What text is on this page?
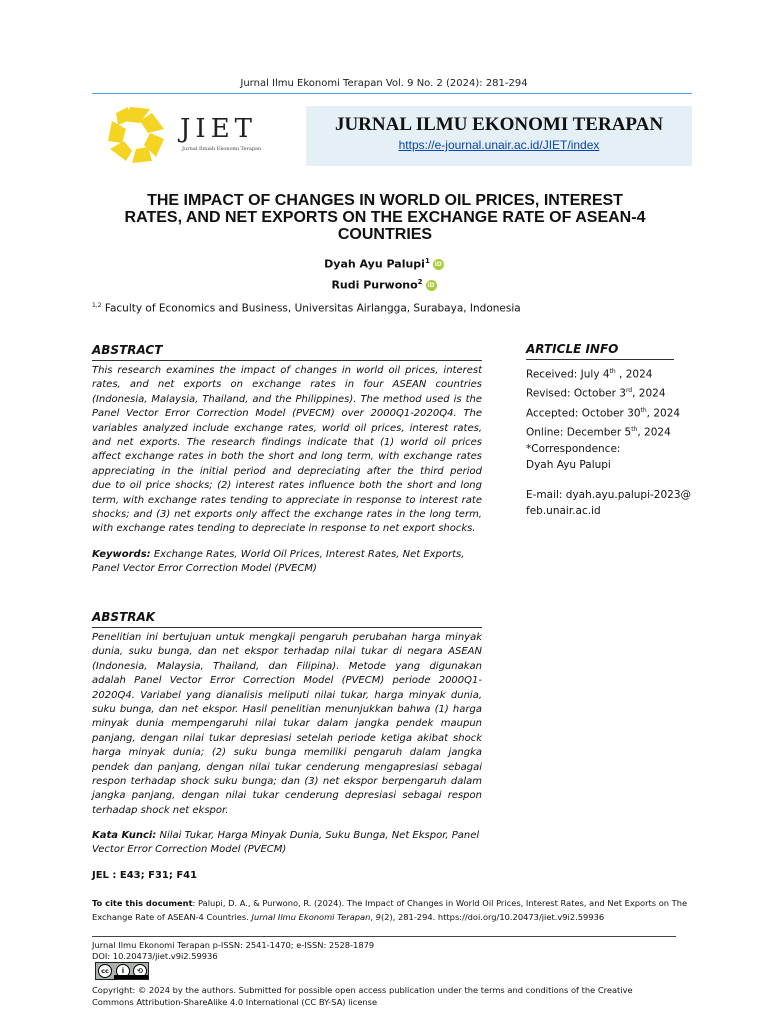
Jurnal Ilmu Ekonomi Terapan Vol. 9 No. 2 (2024): 281-294
JIET
Jurnal Ilmiah Ekonomi Terapan
JURNAL ILMU EKONOMI TERAPAN
https://e-journal.unair.ac.id/JIET/index
THE IMPACT OF CHANGES IN WORLD OIL PRICES, INTEREST
RATES, AND NET EXPORTS ON THE EXCHANGE RATE OF ASEAN-4
COUNTRIES
Dyah Ayu Palupi$^1$ iD
Rudi Purwono$^2$ iD
$^{1,2}$ Faculty of Economics and Business, Universitas Airlangga, Surabaya, Indonesia
ABSTRACT
This research examines the impact of changes in world oil prices, interest
rates, and net exports on exchange rates in four ASEAN countries
(Indonesia, Malaysia, Thailand, and the Philippines). The method used is the
Panel Vector Error Correction Model (PVECM) over 2000Q1-2020Q4. The
variables analyzed include exchange rates, world oil prices, interest rates,
and net exports. The research findings indicate that (1) world oil prices
affect exchange rates in both the short and long term, with exchange rates
appreciating in the initial period and depreciating after the third period
due to oil price shocks; (2) interest rates influence both the short and long
term, with exchange rates tending to appreciate in response to interest rate
shocks; and (3) net exports only affect the exchange rates in the long term,
with exchange rates tending to depreciate in response to net export shocks.
Keywords: Exchange Rates, World Oil Prices, Interest Rates, Net Exports,
Panel Vector Error Correction Model (PVECM)
ABSTRAK
Penelitian ini bertujuan untuk mengkaji pengaruh perubahan harga minyak
dunia, suku bunga, dan net ekspor terhadap nilai tukar di negara ASEAN
(Indonesia, Malaysia, Thailand, dan Filipina). Metode yang digunakan
adalah Panel Vector Error Correction Model (PVECM) periode 2000Q1-
2020Q4. Variabel yang dianalisis meliputi nilai tukar, harga minyak dunia,
suku bunga, dan net ekspor. Hasil penelitian menunjukkan bahwa (1) harga
minyak dunia mempengaruhi nilai tukar dalam jangka pendek maupun
panjang, dengan nilai tukar depresiasi setelah periode ketiga akibat shock
harga minyak dunia; (2) suku bunga memiliki pengaruh dalam jangka
pendek dan panjang, dengan nilai tukar cenderung mengapresiasi sebagai
respon terhadap shock suku bunga; dan (3) net ekspor berpengaruh dalam
jangka panjang, dengan nilai tukar cenderung depresiasi sebagai respon
terhadap shock net ekspor.
Kata Kunci: Nilai Tukar, Harga Minyak Dunia, Suku Bunga, Net Ekspor, Panel
Vector Error Correction Model (PVECM)
ARTICLE INFO
Received: July 4th , 2024
Revised: October 3rd, 2024
Accepted: October 30th, 2024
Online: December 5th, 2024
*Correspondence:
Dyah Ayu Palupi
E-mail: dyah.ayu.palupi-2023@
feb.unair.ac.id
JEL : E43; F31; F41
To cite this document: Palupi, D. A., & Purwono, R. (2024). The Impact of Changes in World Oil Prices, Interest Rates, and Net Exports on The
Exchange Rate of ASEAN-4 Countries. Jurnal Ilmu Ekonomi Terapan, 9(2), 281-294. https://doi.org/10.20473/jiet.v9i2.59936
Jurnal Ilmu Ekonomi Terapan p-ISSN: 2541-1470; e-ISSN: 2528-1879
DOI: 10.20473/jiet.v9i2.59936
cc	i	⟲
Copyright: © 2024 by the authors. Submitted for possible open access publication under the terms and conditions of the Creative
Commons Attribution-ShareAlike 4.0 International (CC BY-SA) license
